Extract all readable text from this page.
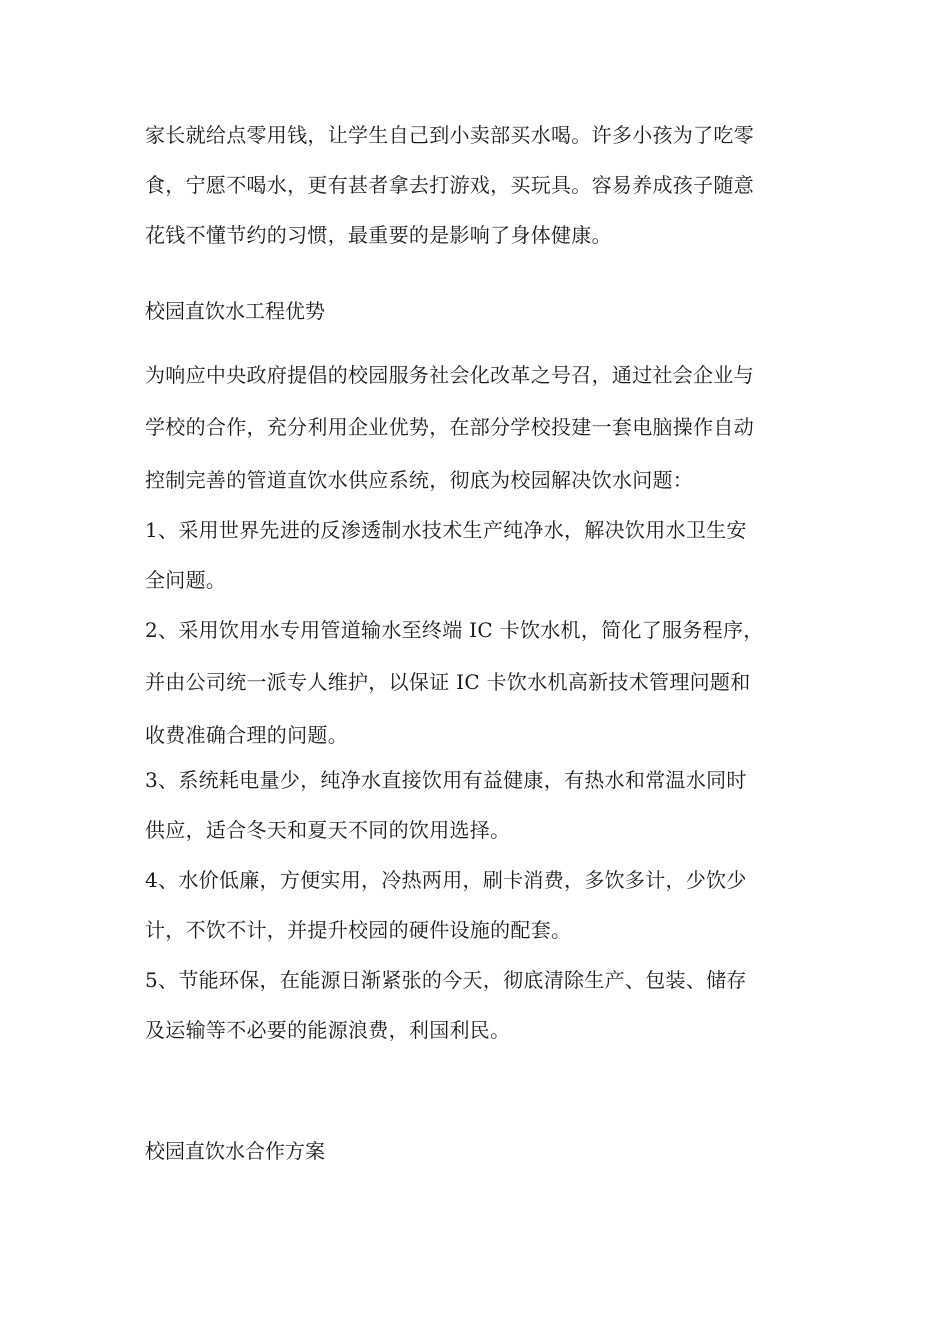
家长就给点零用钱，让学生自己到小卖部买水喝。许多小孩为了吃零
食，宁愿不喝水，更有甚者拿去打游戏，买玩具。容易养成孩子随意
花钱不懂节约的习惯，最重要的是影响了身体健康。

校园直饮水工程优势

为响应中央政府提倡的校园服务社会化改革之号召，通过社会企业与
学校的合作，充分利用企业优势，在部分学校投建一套电脑操作自动
控制完善的管道直饮水供应系统，彻底为校园解决饮水问题：

1、采用世界先进的反渗透制水技术生产纯净水，解决饮用水卫生安
全问题。

2、采用饮用水专用管道输水至终端 IC 卡饮水机，简化了服务程序，
并由公司统一派专人维护，以保证 IC 卡饮水机高新技术管理问题和
收费准确合理的问题。

3、系统耗电量少，纯净水直接饮用有益健康，有热水和常温水同时
供应，适合冬天和夏天不同的饮用选择。

4、水价低廉，方便实用，冷热两用，刷卡消费，多饮多计，少饮少
计，不饮不计，并提升校园的硬件设施的配套。

5、节能环保，在能源日渐紧张的今天，彻底清除生产、包装、储存
及运输等不必要的能源浪费，利国利民。

校园直饮水合作方案
